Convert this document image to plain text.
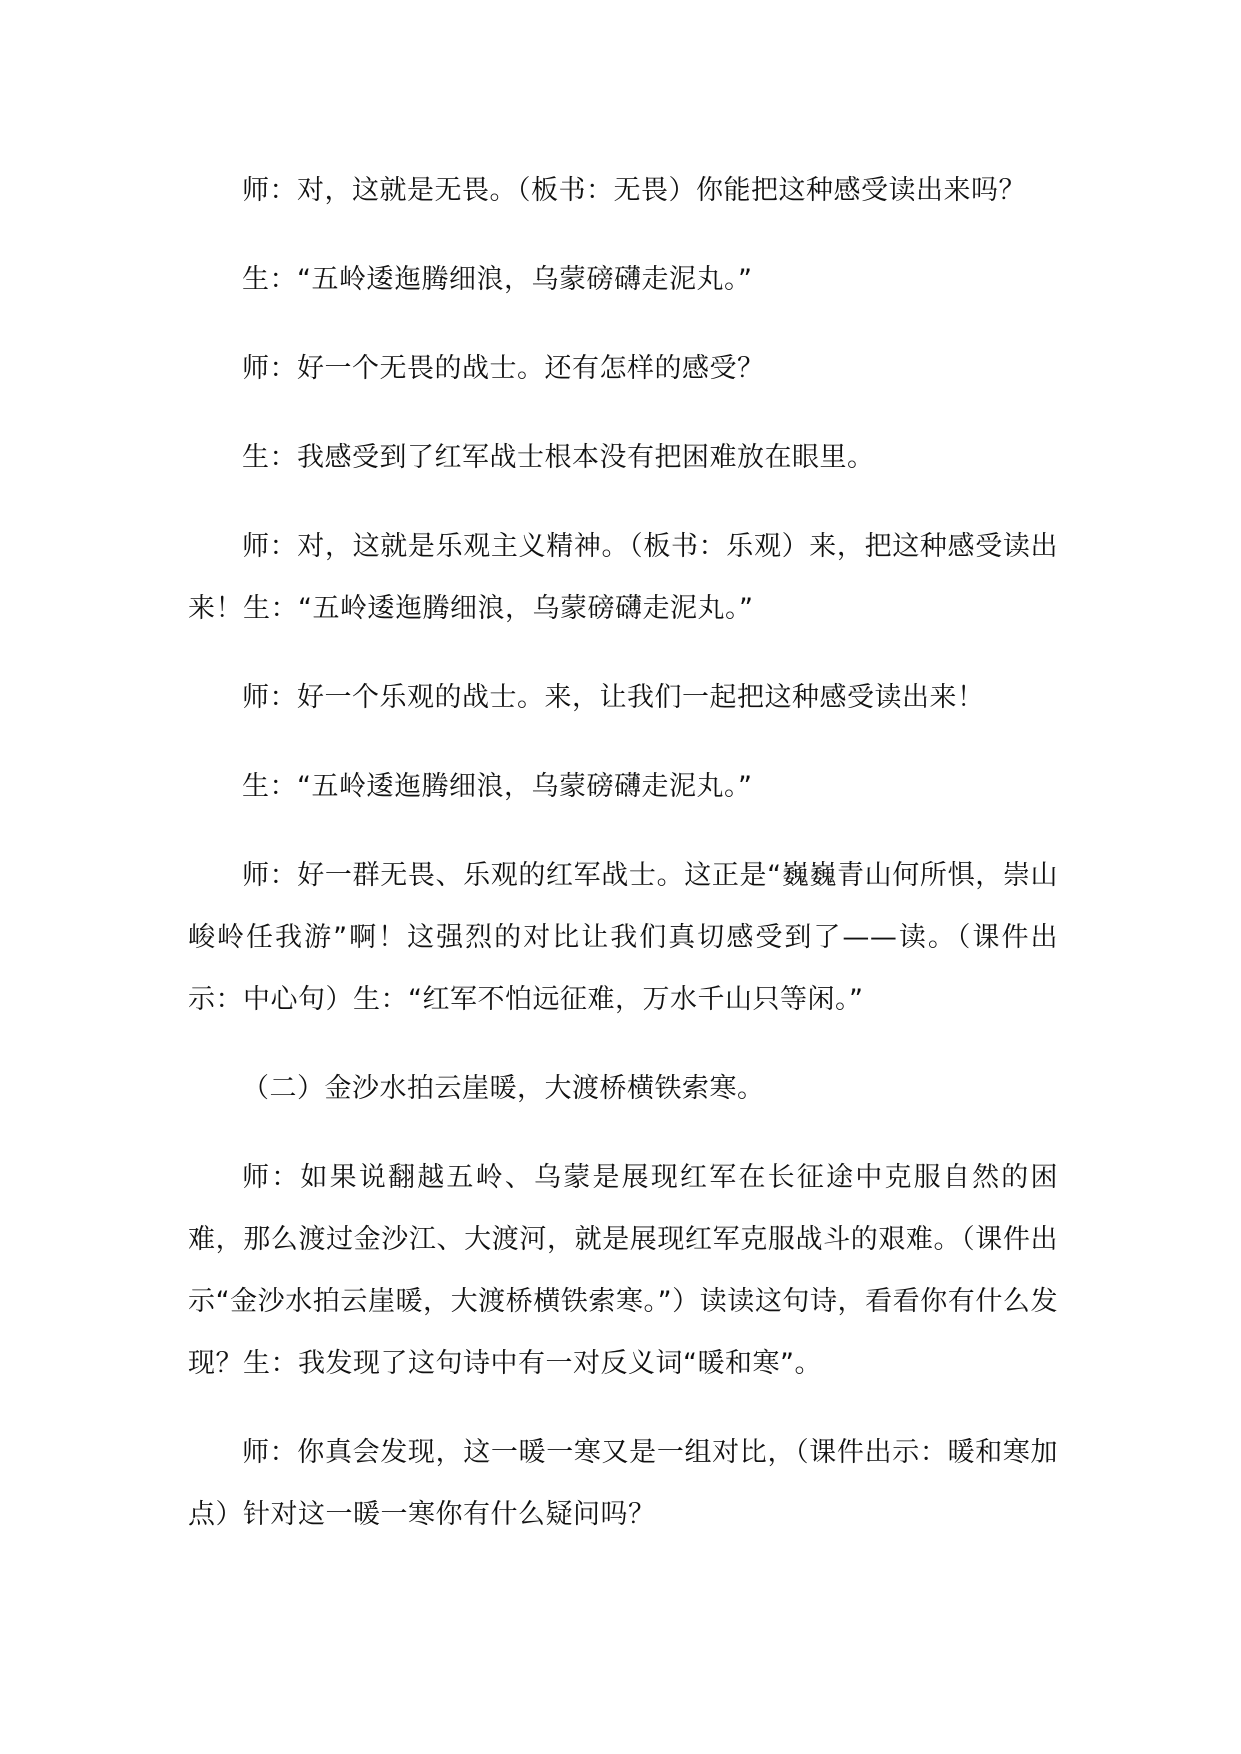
师：对，这就是无畏。（板书：无畏）你能把这种感受读出来吗？

生：“五岭逶迤腾细浪，乌蒙磅礴走泥丸。”

师：好一个无畏的战士。还有怎样的感受？

生：我感受到了红军战士根本没有把困难放在眼里。

师：对，这就是乐观主义精神。（板书：乐观）来，把这种感受读出来！生：“五岭逶迤腾细浪，乌蒙磅礴走泥丸。”

师：好一个乐观的战士。来，让我们一起把这种感受读出来！

生：“五岭逶迤腾细浪，乌蒙磅礴走泥丸。”

师：好一群无畏、乐观的红军战士。这正是“巍巍青山何所惧，崇山峻岭任我游”啊！这强烈的对比让我们真切感受到了——读。（课件出示：中心句）生：“红军不怕远征难，万水千山只等闲。”

（二）金沙水拍云崖暖，大渡桥横铁索寒。

师：如果说翻越五岭、乌蒙是展现红军在长征途中克服自然的困难，那么渡过金沙江、大渡河，就是展现红军克服战斗的艰难。（课件出示“金沙水拍云崖暖，大渡桥横铁索寒。”）读读这句诗，看看你有什么发现？生：我发现了这句诗中有一对反义词“暖和寒”。

师：你真会发现，这一暖一寒又是一组对比，（课件出示：暖和寒加点）针对这一暖一寒你有什么疑问吗？
